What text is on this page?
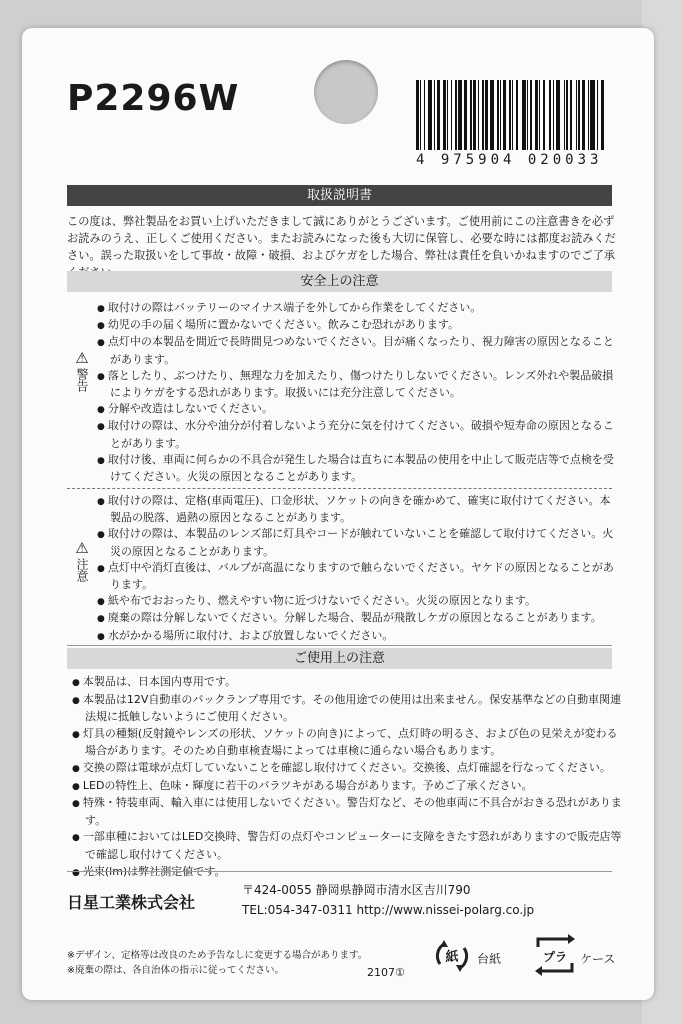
P2296W
4 975904 020033
取扱説明書
この度は、弊社製品をお買い上げいただきまして誠にありがとうございます。ご使用前にこの注意書きを必ずお読みのうえ、正しくご使用ください。またお読みになった後も大切に保管し、必要な時には都度お読みください。誤った取扱いをして事故・故障・破損、およびケガをした場合、弊社は責任を負いかねますのでご了承
安全上の注意
⚠
警告
● 取付けの際はバッテリーのマイナス端子を外してから作業をしてください。
● 幼児の手の届く場所に置かないでください。飲みこむ恐れがあります。
● 点灯中の本製品を間近で長時間見つめないでください。目が痛くなったり、視力障害の原因となることがあります。
● 落としたり、ぶつけたり、無理な力を加えたり、傷つけたりしないでください。レンズ外れや製品破損によりケガをする恐れがあります。取扱いには充分注意してください。
● 分解や改造はしないでください。
● 取付けの際は、水分や油分が付着しないよう充分に気を付けてください。破損や短寿命の原因となることがあります。
● 取付け後、車両に何らかの不具合が発生した場合は直ちに本製品の使用を中止して販売店等で点検を受けてください。火災の原因となることがあります。
⚠
注意
● 取付けの際は、定格(車両電圧)、口金形状、ソケットの向きを確かめて、確実に取付けてください。本製品の脱落、過熱の原因となることがあります。
● 取付けの際は、本製品のレンズ部に灯具やコードが触れていないことを確認して取付けてください。火災の原因となることがあります。
● 点灯中や消灯直後は、バルブが高温になりますので触らないでください。ヤケドの原因となることがあります。
● 紙や布でおおったり、燃えやすい物に近づけないでください。火災の原因となります。
● 廃棄の際は分解しないでください。分解した場合、製品が飛散しケガの原因となることがあります。
● 水がかかる場所に取付け、および放置しないでください。
ご使用上の注意
● 本製品は、日本国内専用です。
● 本製品は12V自動車のバックランプ専用です。その他用途での使用は出来ません。保安基準などの自動車関連法規に抵触しないようにご使用ください。
● 灯具の種類(反射鏡やレンズの形状、ソケットの向き)によって、点灯時の明るさ、および色の見栄えが変わる場合があります。そのため自動車検査場によっては車検に通らない場合もあります。
● 交換の際は電球が点灯していないことを確認し取付けてください。交換後、点灯確認を行なってください。
● LEDの特性上、色味・輝度に若干のバラツキがある場合があります。予めご了承ください。
● 特殊・特装車両、輸入車には使用しないでください。警告灯など、その他車両に不具合がおきる恐れがあります。
● 一部車種においてはLED交換時、警告灯の点灯やコンピューターに支障をきたす恐れがありますので販売店等で確認し取付けてください。
● 光束(lm)は弊社測定値です。
日星工業株式会社
〒424-0055 静岡県静岡市清水区吉川790
TEL:054-347-0311 http://www.nissei-polarg.co.jp
※デザイン、定格等は改良のため予告なしに変更する場合があります。
※廃棄の際は、各自治体の指示に従ってください。	2107①
紙 台紙	プラ ケース
